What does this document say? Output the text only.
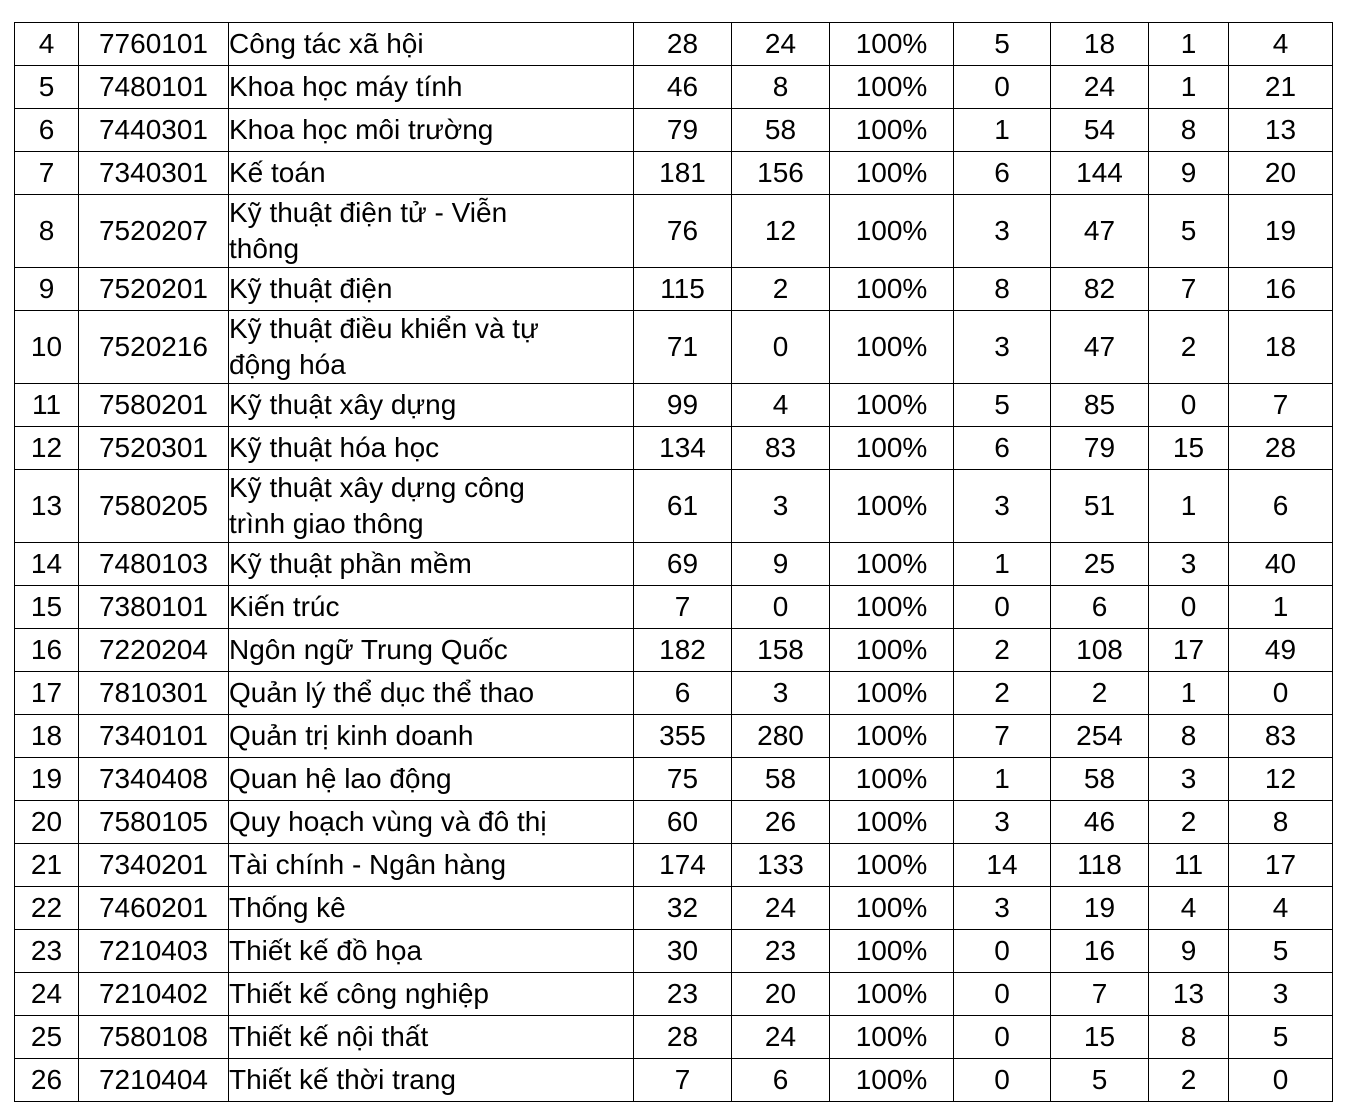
4	7760101	Công tác xã hội	28	24	100%	5	18	1	4
5	7480101	Khoa học máy tính	46	8	100%	0	24	1	21
6	7440301	Khoa học môi trường	79	58	100%	1	54	8	13
7	7340301	Kế toán	181	156	100%	6	144	9	20
8	7520207	Kỹ thuật điện tử - Viễn
thông	76	12	100%	3	47	5	19
9	7520201	Kỹ thuật điện	115	2	100%	8	82	7	16
10	7520216	Kỹ thuật điều khiển và tự
động hóa	71	0	100%	3	47	2	18
11	7580201	Kỹ thuật xây dựng	99	4	100%	5	85	0	7
12	7520301	Kỹ thuật hóa học	134	83	100%	6	79	15	28
13	7580205	Kỹ thuật xây dựng công
trình giao thông	61	3	100%	3	51	1	6
14	7480103	Kỹ thuật phần mềm	69	9	100%	1	25	3	40
15	7380101	Kiến trúc	7	0	100%	0	6	0	1
16	7220204	Ngôn ngữ Trung Quốc	182	158	100%	2	108	17	49
17	7810301	Quản lý thể dục thể thao	6	3	100%	2	2	1	0
18	7340101	Quản trị kinh doanh	355	280	100%	7	254	8	83
19	7340408	Quan hệ lao động	75	58	100%	1	58	3	12
20	7580105	Quy hoạch vùng và đô thị	60	26	100%	3	46	2	8
21	7340201	Tài chính - Ngân hàng	174	133	100%	14	118	11	17
22	7460201	Thống kê	32	24	100%	3	19	4	4
23	7210403	Thiết kế đồ họa	30	23	100%	0	16	9	5
24	7210402	Thiết kế công nghiệp	23	20	100%	0	7	13	3
25	7580108	Thiết kế nội thất	28	24	100%	0	15	8	5
26	7210404	Thiết kế thời trang	7	6	100%	0	5	2	0
